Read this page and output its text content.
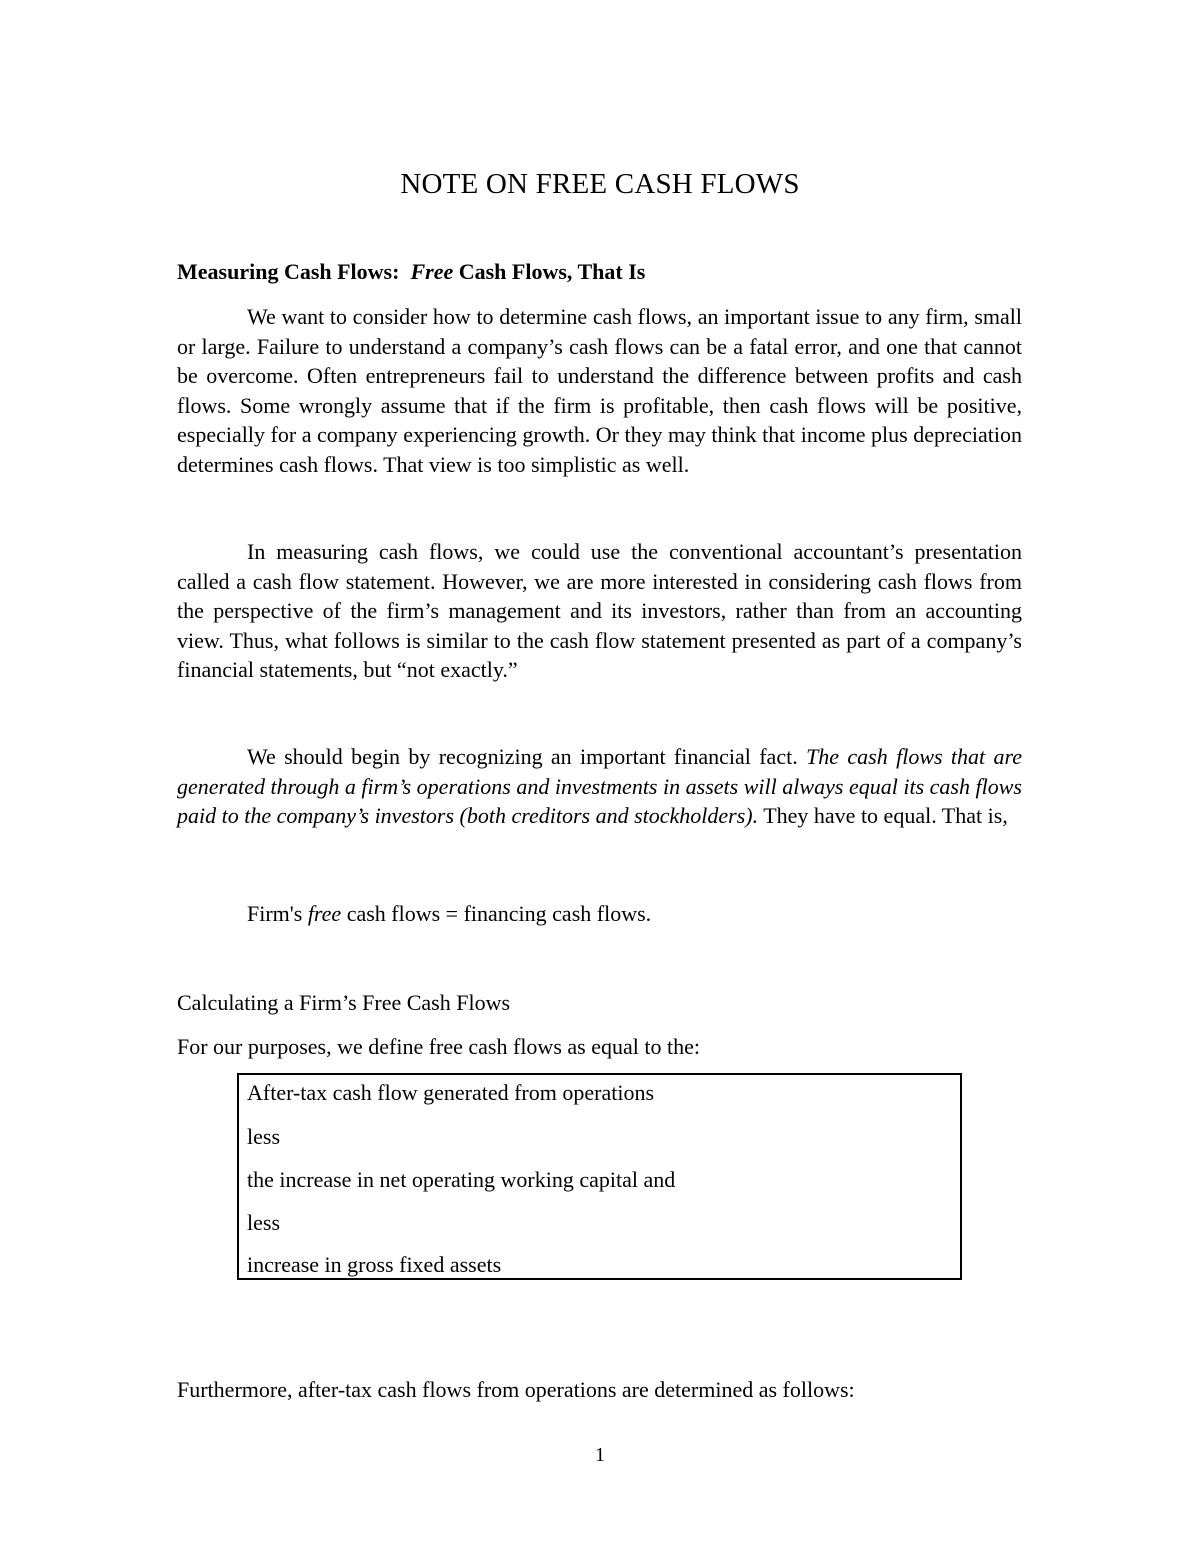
NOTE ON FREE CASH FLOWS
Measuring Cash Flows:  Free Cash Flows, That Is
We want to consider how to determine cash flows, an important issue to any firm, small or large. Failure to understand a company’s cash flows can be a fatal error, and one that cannot be overcome. Often entrepreneurs fail to understand the difference between profits and cash flows. Some wrongly assume that if the firm is profitable, then cash flows will be positive, especially for a company experiencing growth. Or they may think that income plus depreciation determines cash flows. That view is too simplistic as well.
In measuring cash flows, we could use the conventional accountant’s presentation called a cash flow statement. However, we are more interested in considering cash flows from the perspective of the firm’s management and its investors, rather than from an accounting view. Thus, what follows is similar to the cash flow statement presented as part of a company’s financial statements, but “not exactly.”
We should begin by recognizing an important financial fact. The cash flows that are generated through a firm’s operations and investments in assets will always equal its cash flows paid to the company’s investors (both creditors and stockholders). They have to equal. That is,
Firm's free cash flows = financing cash flows.
Calculating a Firm’s Free Cash Flows
For our purposes, we define free cash flows as equal to the:
After-tax cash flow generated from operations
less
the increase in net operating working capital and
less
increase in gross fixed assets
Furthermore, after-tax cash flows from operations are determined as follows:
1
